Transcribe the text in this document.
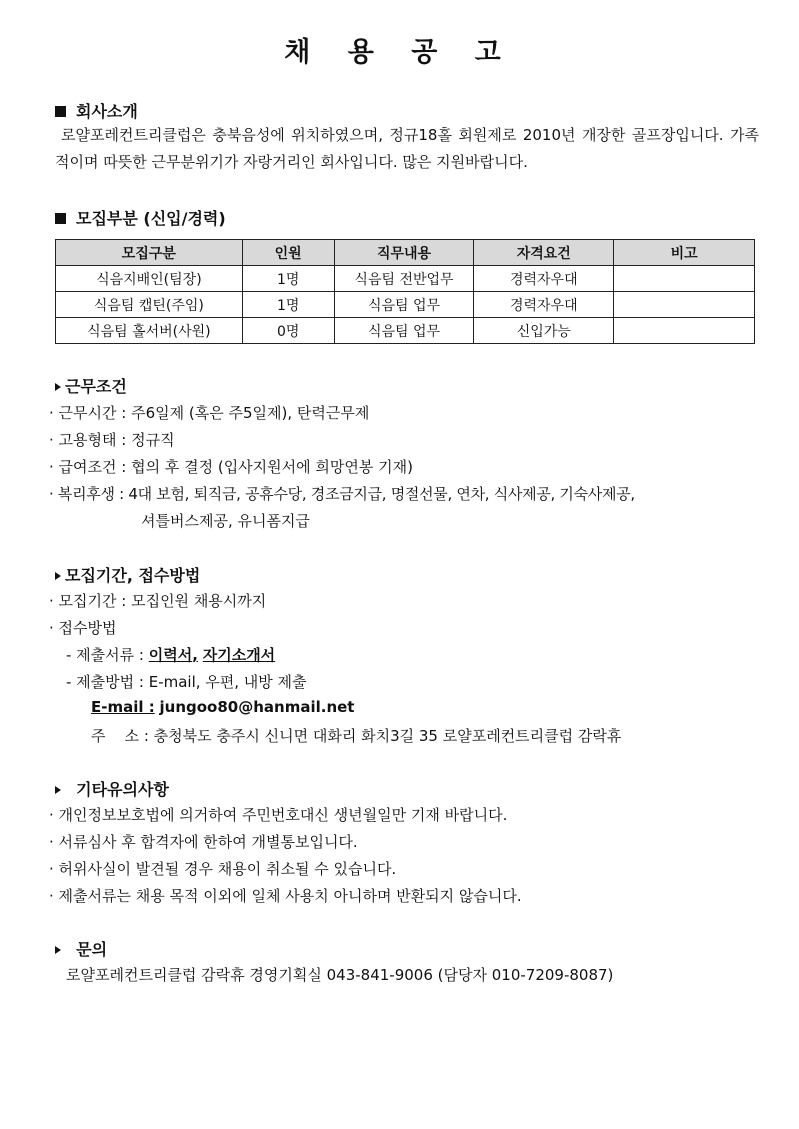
채 용 공 고
회사소개
로얄포레컨트리클럽은 충북음성에 위치하였으며, 정규18홀 회원제로 2010년 개장한 골프장입니다. 가족적이며 따뜻한 근무분위기가 자랑거리인 회사입니다. 많은 지원바랍니다.
모집부분 (신입/경력)
모집구분	인원	직무내용	자격요건	비고
식음지배인(팀장)	1명	식음팀 전반업무	경력자우대	
식음팀 캡틴(주임)	1명	식음팀 업무	경력자우대	
식음팀 홀서버(사원)	0명	식음팀 업무	신입가능	
근무조건
· 근무시간 : 주6일제 (혹은 주5일제), 탄력근무제
· 고용형태 : 정규직
· 급여조건 : 협의 후 결정 (입사지원서에 희망연봉 기재)
· 복리후생 : 4대 보험, 퇴직금, 공휴수당, 경조금지급, 명절선물, 연차, 식사제공, 기숙사제공,
셔틀버스제공, 유니폼지급
모집기간, 접수방법
· 모집기간 : 모집인원 채용시까지
· 접수방법
- 제출서류 : 이력서, 자기소개서
- 제출방법 : E-mail, 우편, 내방 제출
E-mail : jungoo80@hanmail.net
주    소 : 충청북도 충주시 신니면 대화리 화치3길 35 로얄포레컨트리클럽 감락휴
기타유의사항
· 개인정보보호법에 의거하여 주민번호대신 생년월일만 기재 바랍니다.
· 서류심사 후 합격자에 한하여 개별통보입니다.
· 허위사실이 발견될 경우 채용이 취소될 수 있습니다.
· 제출서류는 채용 목적 이외에 일체 사용치 아니하며 반환되지 않습니다.
문의
로얄포레컨트리클럽 감락휴 경영기획실 043-841-9006 (담당자 010-7209-8087)
